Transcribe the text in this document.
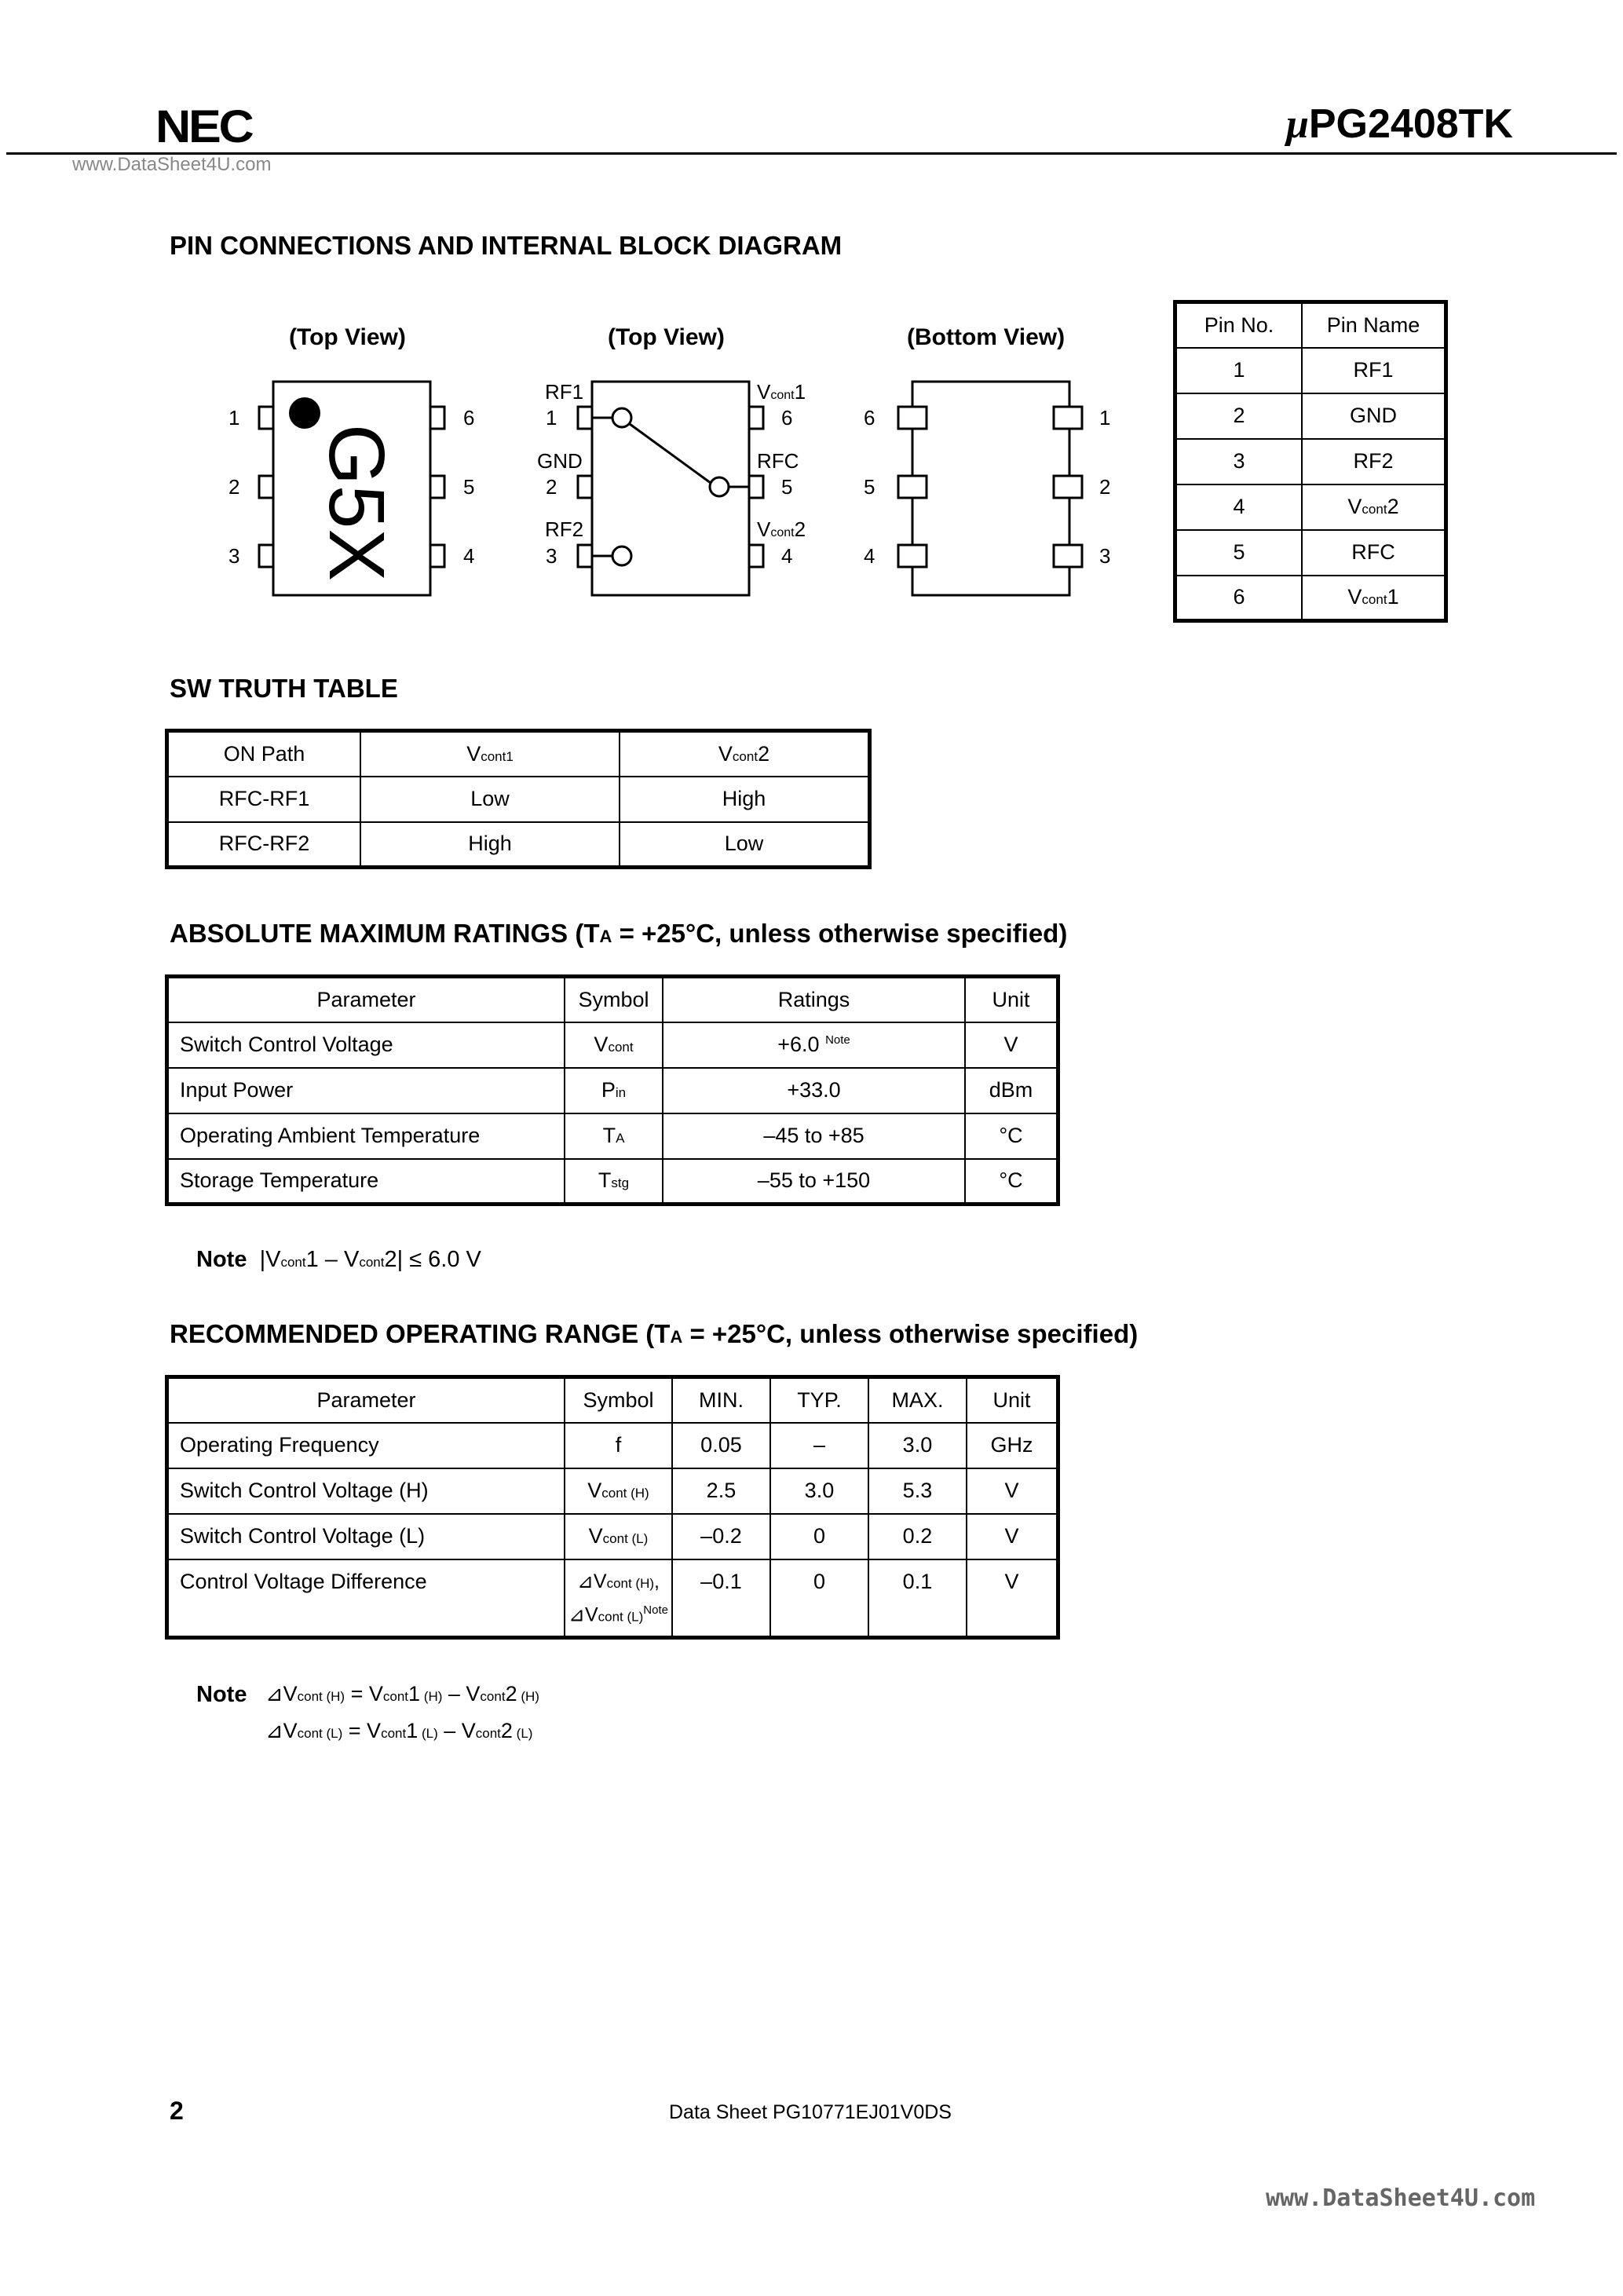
NEC	μPG2408TK
www.DataSheet4U.com
PIN CONNECTIONS AND INTERNAL BLOCK DIAGRAM
(Top View)	(Top View)	(Bottom View)
G5X
1
2
3
6
5
4
RF1
1
GND
2
RF2
3
Vcont1
6
RFC
5
Vcont2
4
6
5
4
1
2
3
Pin No.	Pin Name
1	RF1
2	GND
3	RF2
4	Vcont2
5	RFC
6	Vcont1
SW TRUTH TABLE
ON Path	Vcont1	Vcont2
RFC-RF1	Low	High
RFC-RF2	High	Low
ABSOLUTE MAXIMUM RATINGS (TA = +25°C, unless otherwise specified)
Parameter	Symbol	Ratings	Unit
Switch Control Voltage	Vcont	+6.0 $^{Note}$	V
Input Power	Pin	+33.0	dBm
Operating Ambient Temperature	TA	–45 to +85	°C
Storage Temperature	Tstg	–55 to +150	°C
Note |Vcont1 – Vcont2| ≤ 6.0 V
RECOMMENDED OPERATING RANGE (TA = +25°C, unless otherwise specified)
Parameter	Symbol	MIN.	TYP.	MAX.	Unit
Operating Frequency	f	0.05	–	3.0	GHz
Switch Control Voltage (H)	Vcont (H)	2.5	3.0	5.3	V
Switch Control Voltage (L)	Vcont (L)	–0.2	0	0.2	V
Control Voltage Difference	⊿Vcont (H),
⊿Vcont $(L)^{Note}$	–0.1	0	0.1	V
Note ⊿Vcont (H) = Vcont1 (H) – Vcont2 (H)
⊿Vcont (L) = Vcont1 (L) – Vcont2 (L)
2	Data Sheet PG10771EJ01V0DS
www.DataSheet4U.com
